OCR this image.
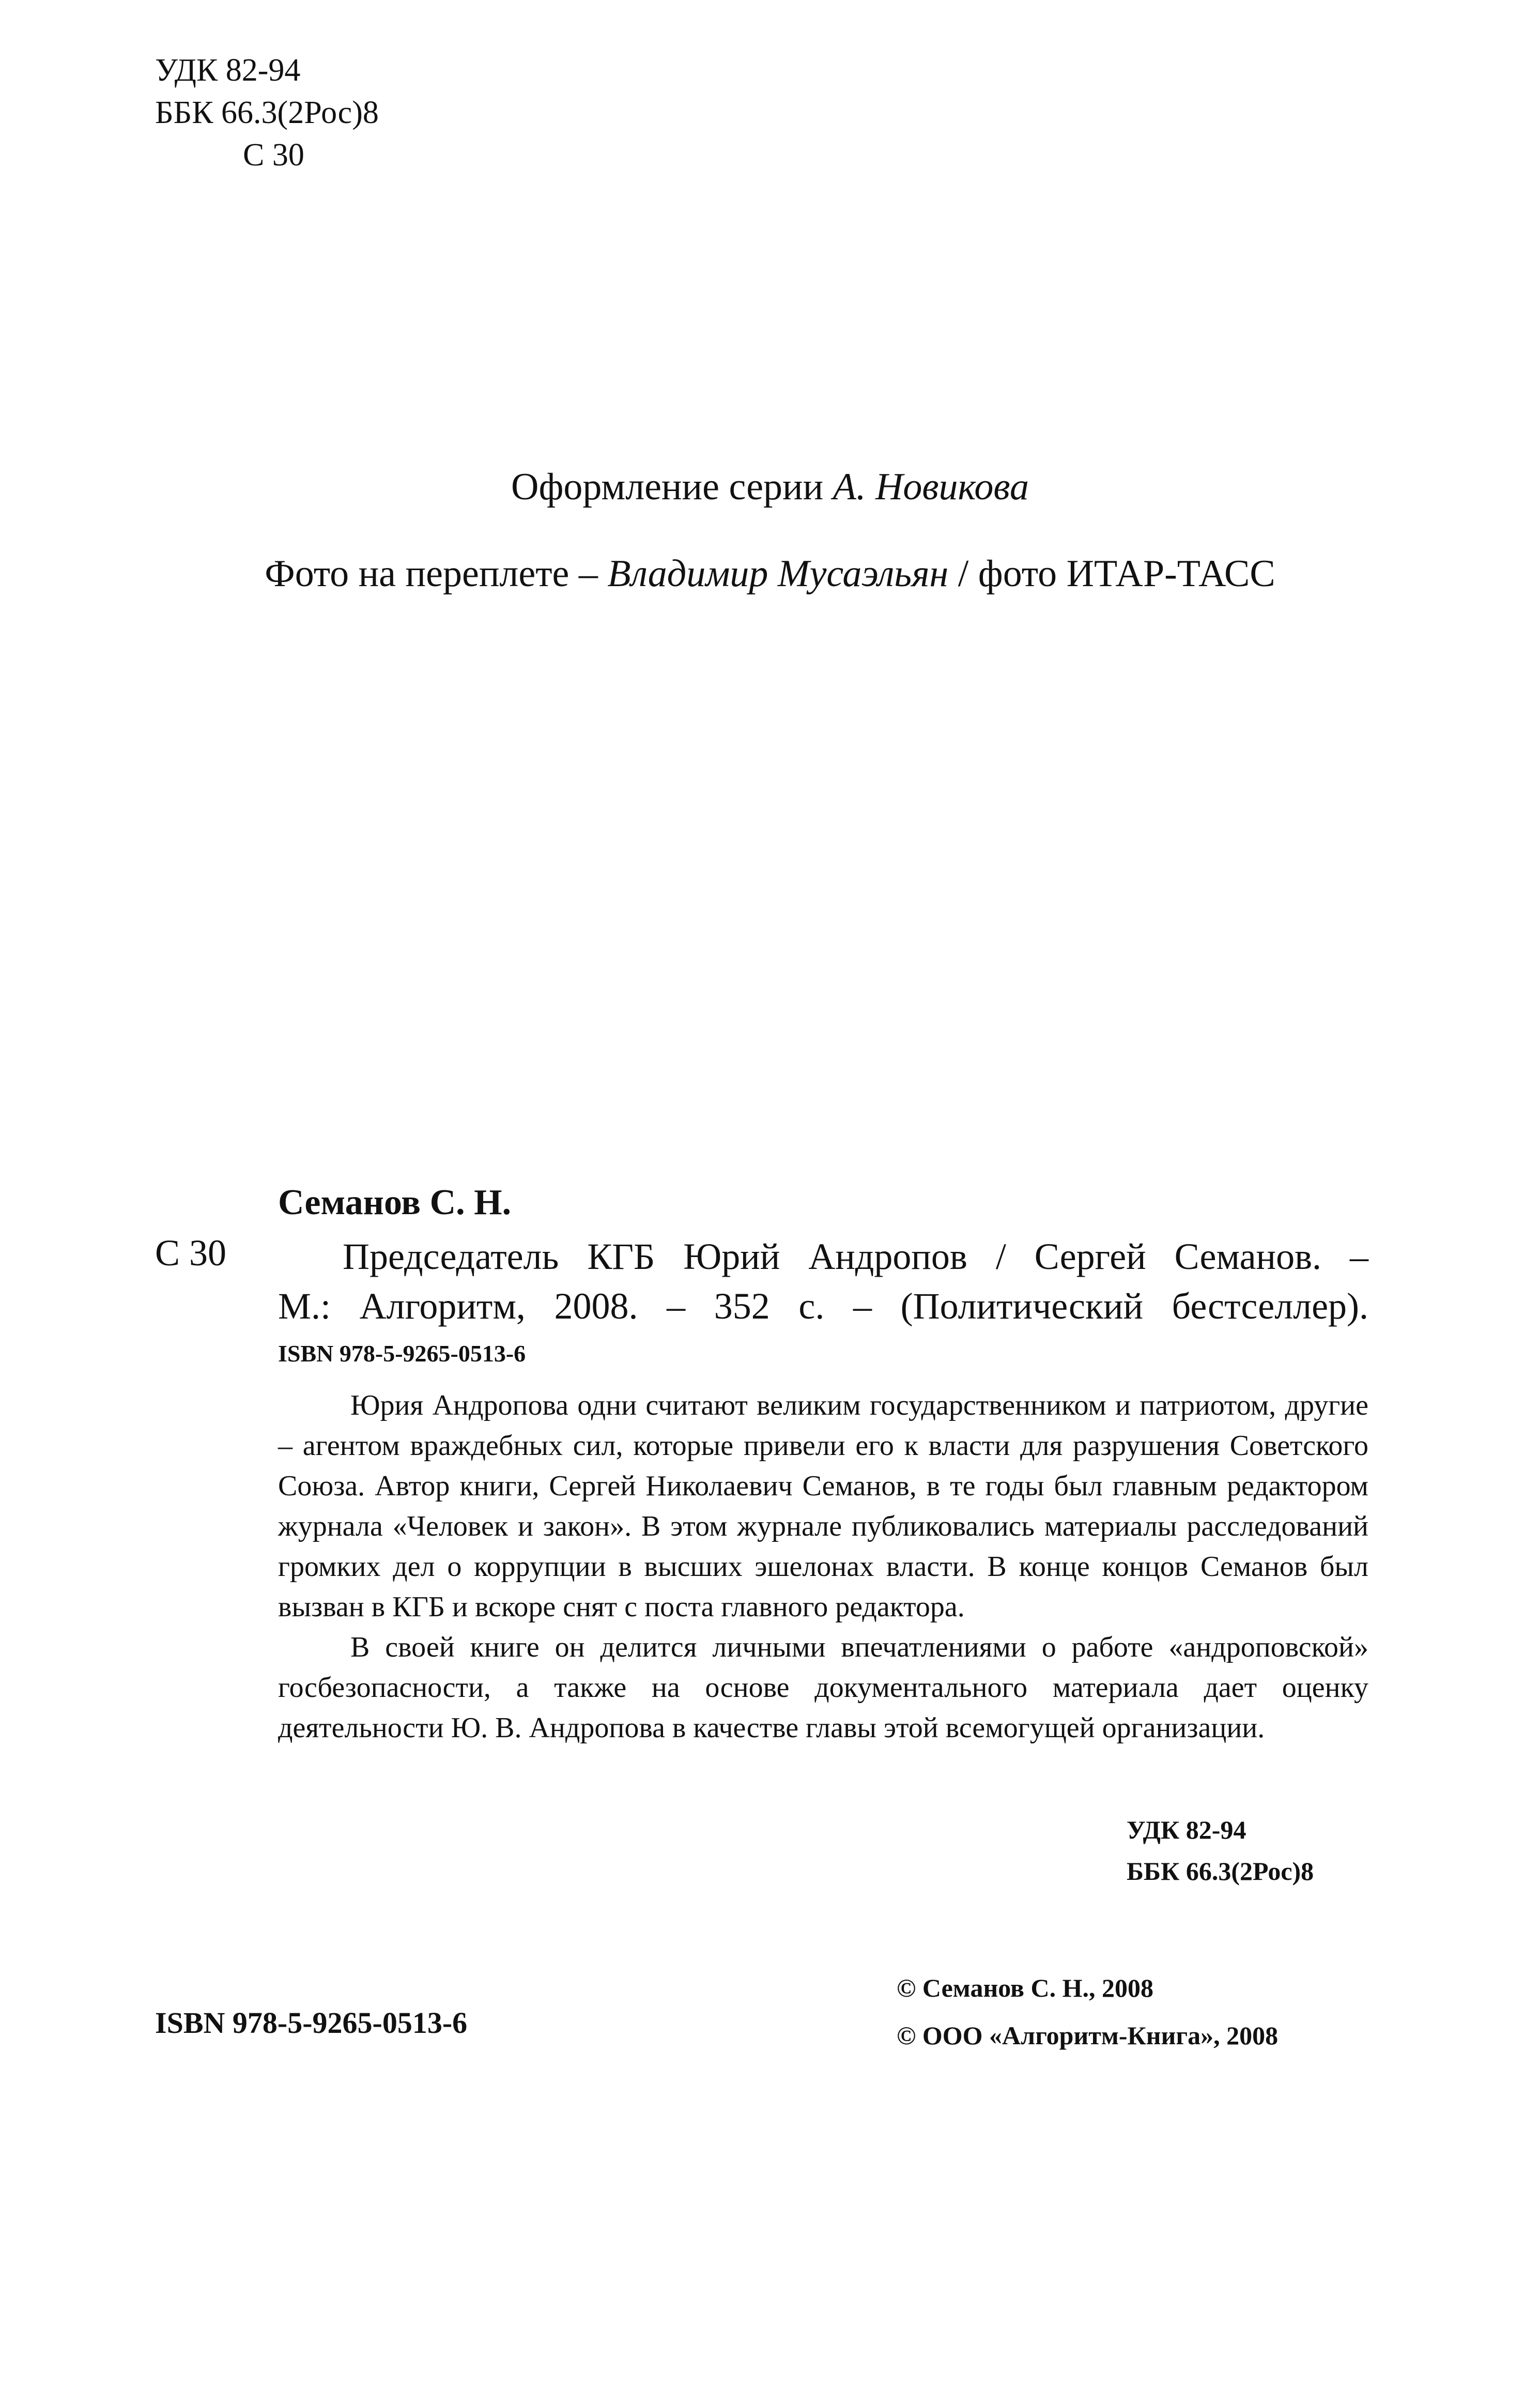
УДК 82-94
ББК 66.3(2Рос)8
С 30
Оформление серии А. Новикова
Фото на переплете – Владимир Мусаэльян / фото ИТАР-ТАСС
Семанов С. Н.
С 30	Председатель КГБ Юрий Андропов / Сергей Семанов. –
М.: Алгоритм, 2008. – 352 с. – (Политический бестселлер).
ISBN 978-5-9265-0513-6

Юрия Андропова одни считают великим государственником и патриотом, другие – агентом враждебных сил, которые привели его к власти для разрушения Советского Союза. Автор книги, Сергей Николаевич Семанов, в те годы был главным редактором журнала «Человек и закон». В этом журнале публиковались материалы расследований громких дел о коррупции в высших эшелонах власти. В конце концов Семанов был вызван в КГБ и вскоре снят с поста главного редактора.

В своей книге он делится личными впечатлениями о работе «андроповской» госбезопасности, а также на основе документального материала дает оценку деятельности Ю. В. Андропова в качестве главы этой всемогущей организации.

УДК 82-94
ББК 66.3(2Рос)8
ISBN 978-5-9265-0513-6
© Семанов С. Н., 2008
© ООО «Алгоритм-Книга», 2008
